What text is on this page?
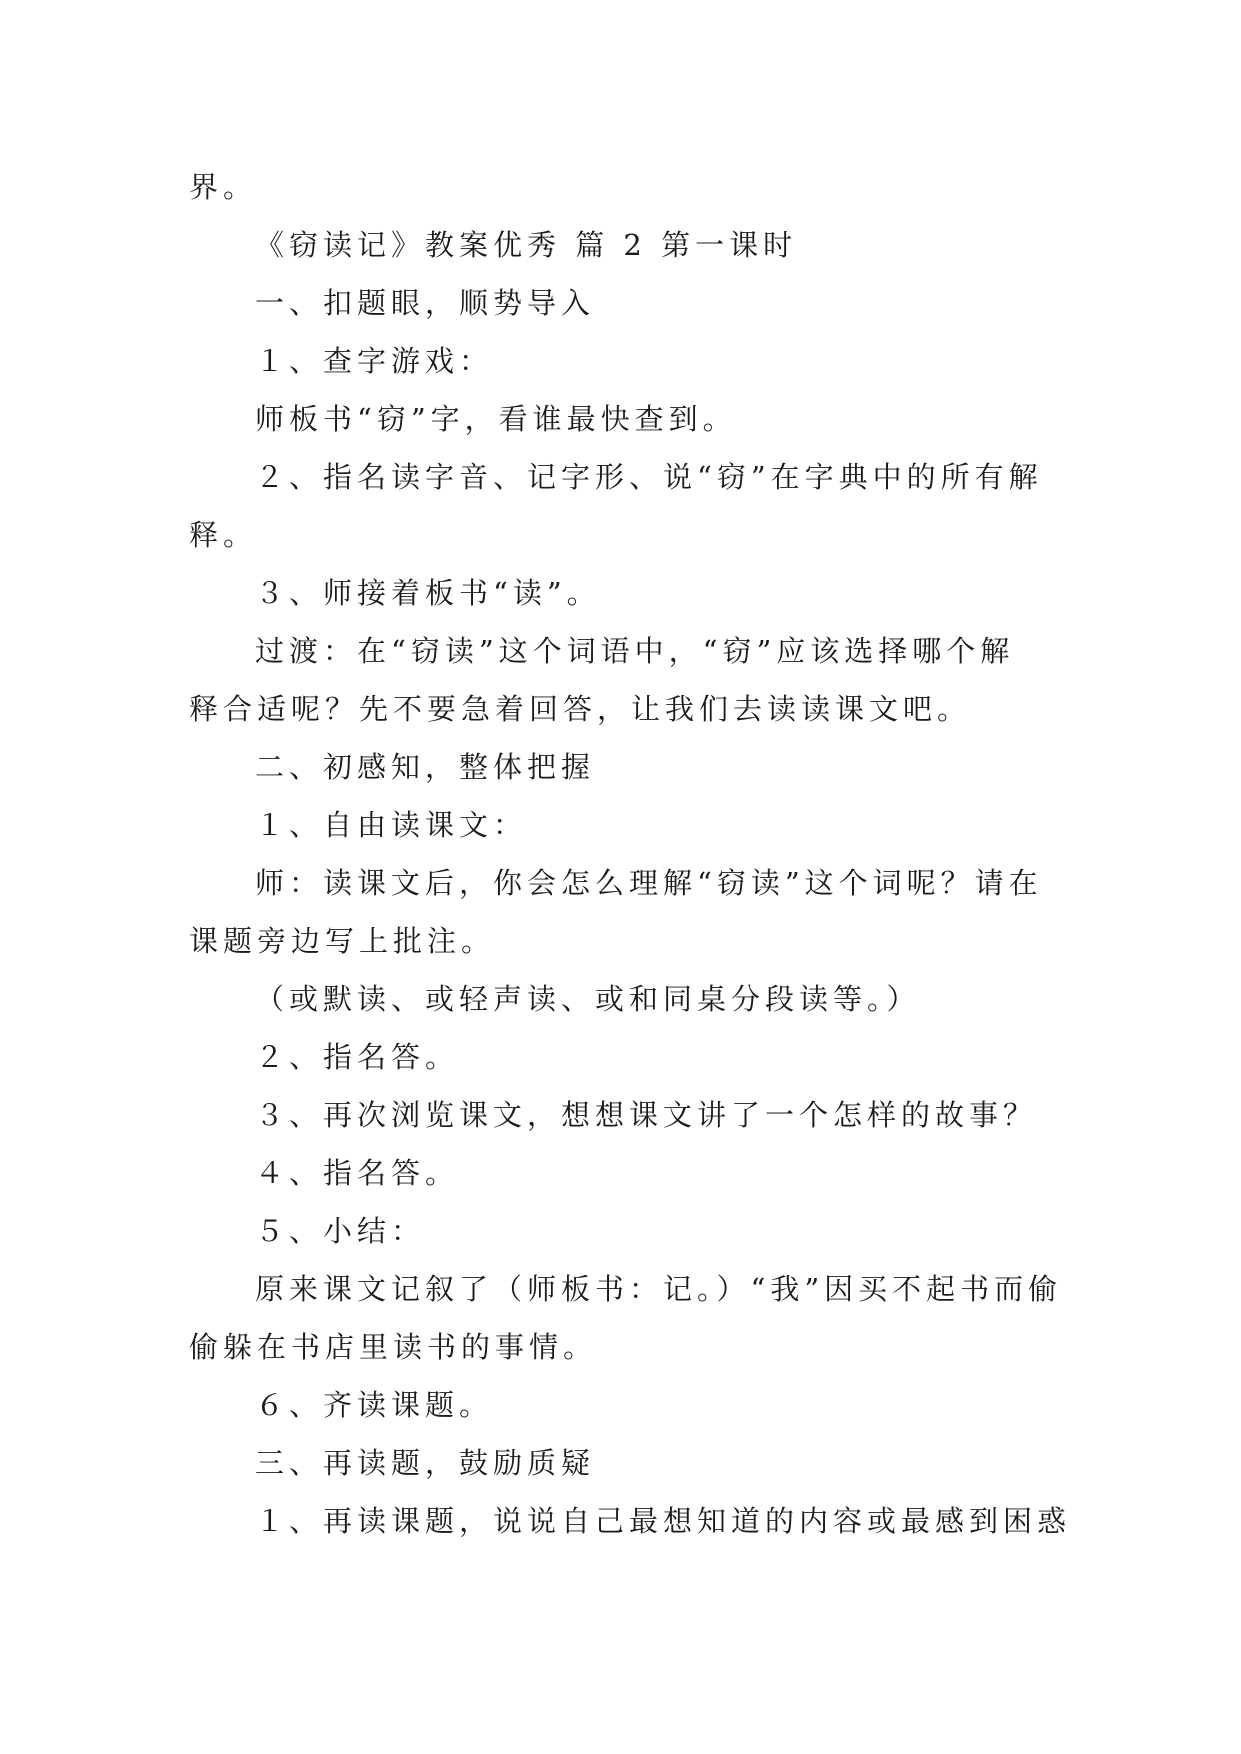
界。
《窃读记》教案优秀 篇 2 第一课时
一、扣题眼，顺势导入
１、查字游戏：
师板书“窃”字，看谁最快查到。
２、指名读字音、记字形、说“窃”在字典中的所有解
释。
３、师接着板书“读”。
过渡：在“窃读”这个词语中，“窃”应该选择哪个解
释合适呢？先不要急着回答，让我们去读读课文吧。
二、初感知，整体把握
１、自由读课文：
师：读课文后，你会怎么理解“窃读”这个词呢？请在
课题旁边写上批注。
（或默读、或轻声读、或和同桌分段读等。）
２、指名答。
３、再次浏览课文，想想课文讲了一个怎样的故事？
４、指名答。
５、小结：
原来课文记叙了（师板书：记。）“我”因买不起书而偷
偷躲在书店里读书的事情。
６、齐读课题。
三、再读题，鼓励质疑
１、再读课题，说说自己最想知道的内容或最感到困惑
